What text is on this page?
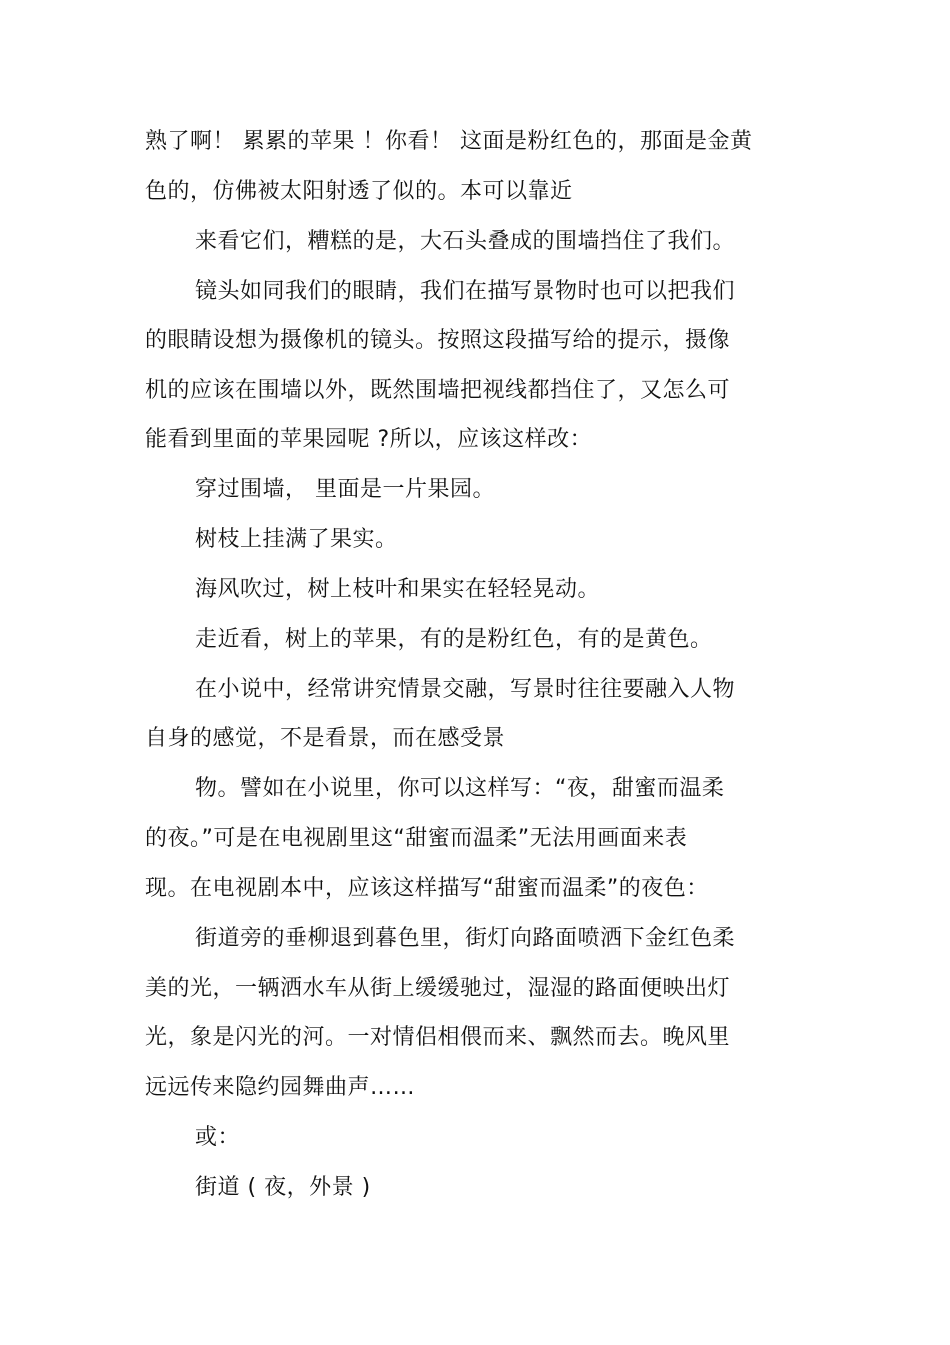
熟了啊！ 累累的苹果 ！你看！ 这面是粉红色的，那面是金黄
色的，仿佛被太阳射透了似的。本可以靠近
来看它们，糟糕的是，大石头叠成的围墙挡住了我们。
镜头如同我们的眼睛，我们在描写景物时也可以把我们
的眼睛设想为摄像机的镜头。按照这段描写给的提示，摄像
机的应该在围墙以外，既然围墙把视线都挡住了，又怎么可
能看到里面的苹果园呢 ?所以，应该这样改：
穿过围墙， 里面是一片果园。
树枝上挂满了果实。
海风吹过，树上枝叶和果实在轻轻晃动。
走近看，树上的苹果，有的是粉红色，有的是黄色。
在小说中，经常讲究情景交融，写景时往往要融入人物
自身的感觉，不是看景，而在感受景
物。譬如在小说里，你可以这样写：“夜，甜蜜而温柔
的夜。”可是在电视剧里这“甜蜜而温柔”无法用画面来表
现。在电视剧本中，应该这样描写“甜蜜而温柔”的夜色：
街道旁的垂柳退到暮色里，街灯向路面喷洒下金红色柔
美的光，一辆洒水车从街上缓缓驰过，湿湿的路面便映出灯
光，象是闪光的河。一对情侣相偎而来、飘然而去。晚风里
远远传来隐约园舞曲声……
或：
街道 ( 夜，外景 )
